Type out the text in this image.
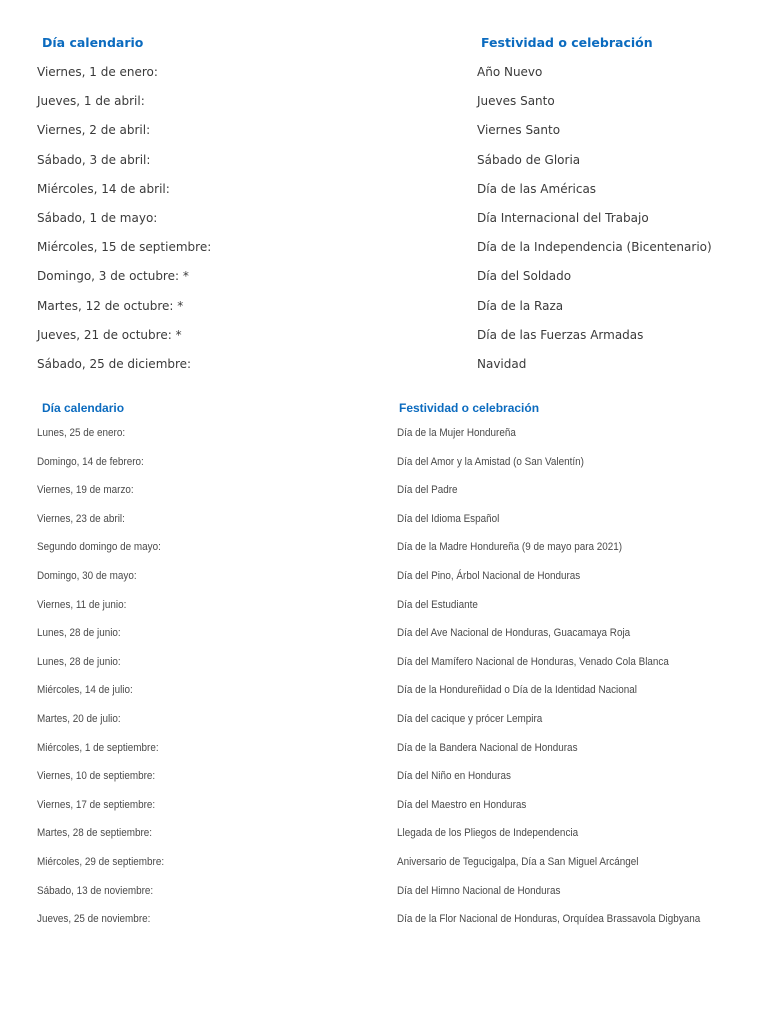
Día calendario	Festividad o celebración
Viernes, 1 de enero:	Año Nuevo
Jueves, 1 de abril:	Jueves Santo
Viernes, 2 de abril:	Viernes Santo
Sábado, 3 de abril:	Sábado de Gloria
Miércoles, 14 de abril:	Día de las Américas
Sábado, 1 de mayo:	Día Internacional del Trabajo
Miércoles, 15 de septiembre:	Día de la Independencia (Bicentenario)
Domingo, 3 de octubre: *	Día del Soldado
Martes, 12 de octubre: *	Día de la Raza
Jueves, 21 de octubre: *	Día de las Fuerzas Armadas
Sábado, 25 de diciembre:	Navidad
Día calendario	Festividad o celebración
Lunes, 25 de enero:	Día de la Mujer Hondureña
Domingo, 14 de febrero:	Día del Amor y la Amistad (o San Valentín)
Viernes, 19 de marzo:	Día del Padre
Viernes, 23 de abril:	Día del Idioma Español
Segundo domingo de mayo:	Día de la Madre Hondureña (9 de mayo para 2021)
Domingo, 30 de mayo:	Día del Pino, Árbol Nacional de Honduras
Viernes, 11 de junio:	Día del Estudiante
Lunes, 28 de junio:	Día del Ave Nacional de Honduras, Guacamaya Roja
Lunes, 28 de junio:	Día del Mamífero Nacional de Honduras, Venado Cola Blanca
Miércoles, 14 de julio:	Día de la Hondureñidad o Día de la Identidad Nacional
Martes, 20 de julio:	Día del cacique y prócer Lempira
Miércoles, 1 de septiembre:	Día de la Bandera Nacional de Honduras
Viernes, 10 de septiembre:	Día del Niño en Honduras
Viernes, 17 de septiembre:	Día del Maestro en Honduras
Martes, 28 de septiembre:	Llegada de los Pliegos de Independencia
Miércoles, 29 de septiembre:	Aniversario de Tegucigalpa, Día a San Miguel Arcángel
Sábado, 13 de noviembre:	Día del Himno Nacional de Honduras
Jueves, 25 de noviembre:	Día de la Flor Nacional de Honduras, Orquídea Brassavola Digbyana
